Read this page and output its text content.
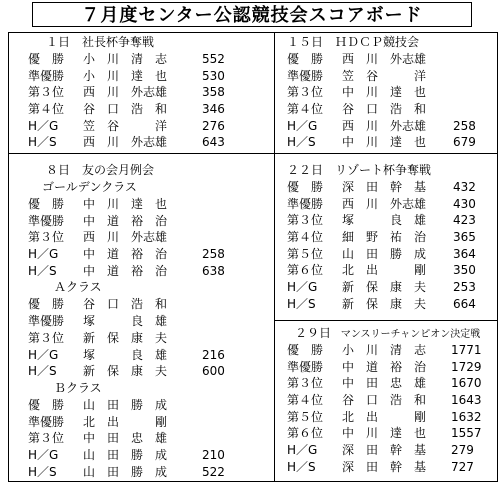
７月度センター公認競技会スコアボード
１日　社長杯争奪戦
優　勝 小　川　清　志	552
準優勝 小　川　達　也	530
第３位 西　川　外志雄	358
第４位 谷　口　浩　和	346
H／G 笠　谷　　　洋	276
H／S 西　川　外志雄	643
１５日　ＨＤＣＰ競技会
優　勝 西　川　外志雄
準優勝 笠　谷　　　洋
第３位 中　川　達　也
第４位 谷　口　浩　和
H／G 西　川　外志雄 258
H／S 中　川　達　也 679
８日　友の会月例会
ゴールデンクラス
優　勝 中　川　達　也
準優勝 中　道　裕　治
第３位 西　川　外志雄
H／G 中　道　裕　治	258
H／S 中　道　裕　治	638
Ａクラス
優　勝 谷　口　浩　和
準優勝 塚　　　良　雄
第３位 新　保　康　夫
H／G 塚　　　良　雄	216
H／S 新　保　康　夫	600
Ｂクラス
優　勝 山　田　勝　成
準優勝 北　出　　　剛
第３位 中　田　忠　雄
H／G 山　田　勝　成	210
H／S 山　田　勝　成	522
２２日　リゾート杯争奪戦
優　勝 深　田　幹　基 432
準優勝 西　川　外志雄 430
第３位 塚　　　良　雄 423
第４位 細　野　祐　治 365
第５位 山　田　勝　成 364
第６位 北　出　　　剛 350
H／G 新　保　康　夫 253
H／S 新　保　康　夫 664
２９日 マンスリーチャンピオン決定戦
優　勝 小　川　清　志 1771
準優勝 中　道　裕　治 1729
第３位 中　田　忠　雄 1670
第４位 谷　口　浩　和 1643
第５位 北　出　　　剛 1632
第６位 中　川　達　也 1557
H／G 深　田　幹　基 279
H／S 深　田　幹　基 727
